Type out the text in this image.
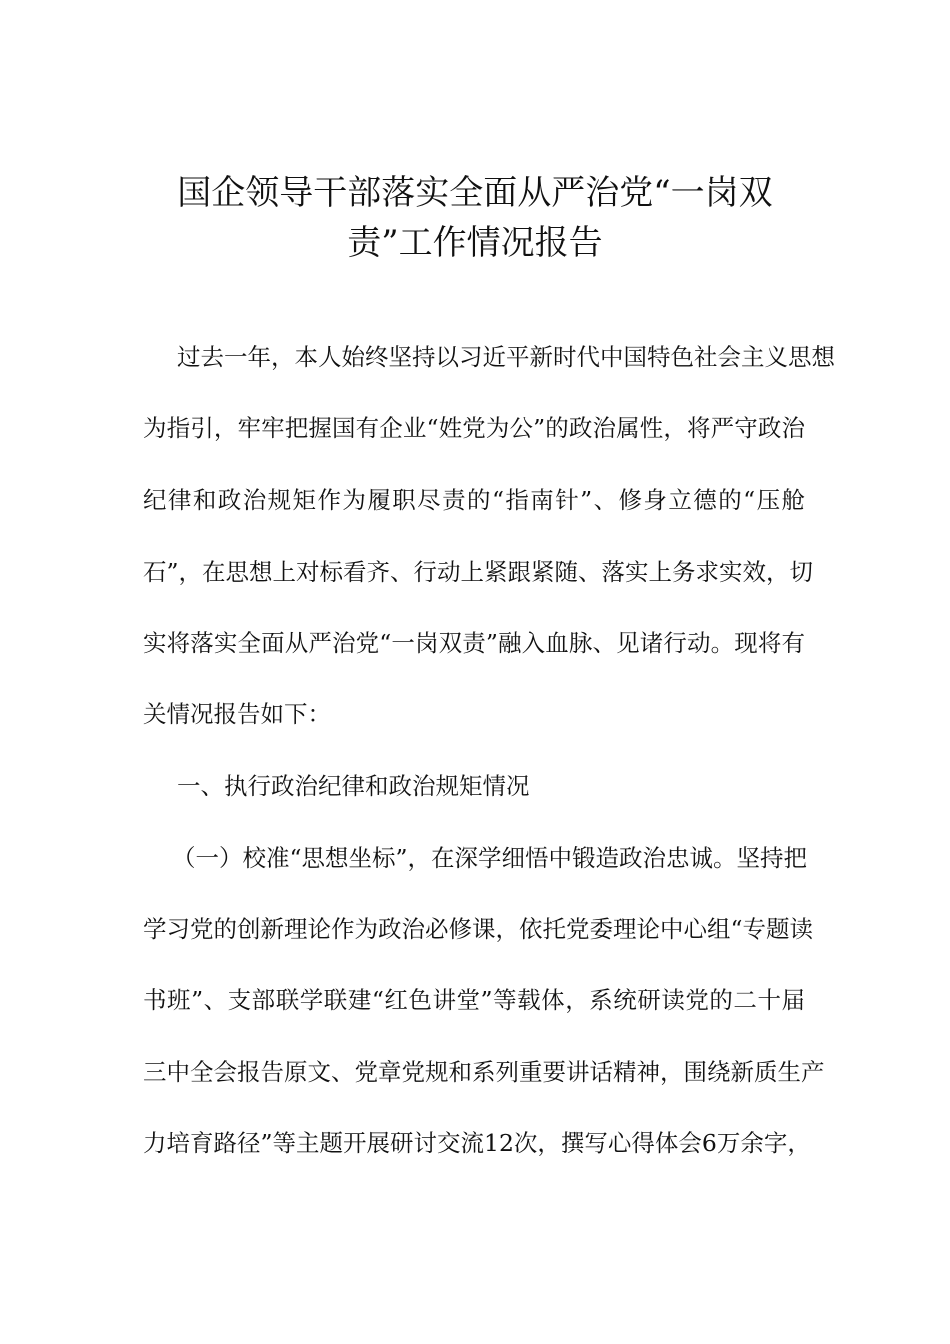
国企领导干部落实全面从严治党“一岗双
责”工作情况报告
过去一年，本人始终坚持以习近平新时代中国特色社会主义思想
为指引，牢牢把握国有企业“姓党为公”的政治属性，将严守政治
纪律和政治规矩作为履职尽责的“指南针”、修身立德的“压舱
石”，在思想上对标看齐、行动上紧跟紧随、落实上务求实效，切
实将落实全面从严治党“一岗双责”融入血脉、见诸行动。现将有
关情况报告如下：
一、执行政治纪律和政治规矩情况
（一）校准“思想坐标”，在深学细悟中锻造政治忠诚。坚持把
学习党的创新理论作为政治必修课，依托党委理论中心组“专题读
书班”、支部联学联建“红色讲堂”等载体，系统研读党的二十届
三中全会报告原文、党章党规和系列重要讲话精神，围绕新质生产
力培育路径”等主题开展研讨交流12次，撰写心得体会6万余字，
